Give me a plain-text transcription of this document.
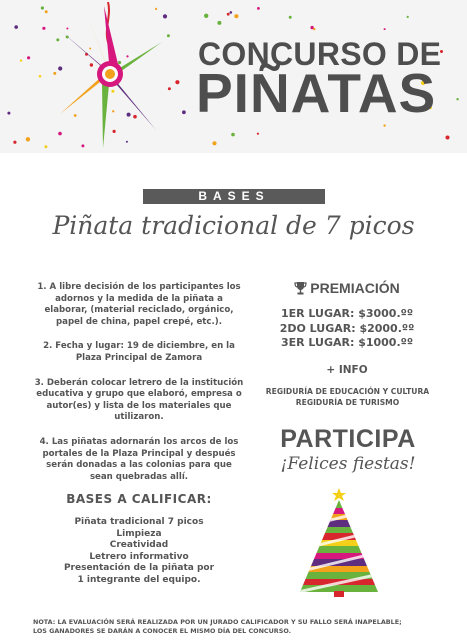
CONCURSO DE
PIÑATAS
BASES
Piñata tradicional de 7 picos

1. A libre decisión de los participantes los adornos y la medida de la piñata a elaborar, (material reciclado, orgánico, papel de china, papel crepé, etc.).

2. Fecha y lugar: 19 de diciembre, en la Plaza Principal de Zamora

3. Deberán colocar letrero de la institución educativa y grupo que elaboró, empresa o autor(es) y lista de los materiales que utilizaron.

4. Las piñatas adornarán los arcos de los portales de la Plaza Principal y después serán donadas a las colonias para que sean quebradas allí.

BASES A CALIFICAR:
Piñata tradicional 7 picos
Limpieza
Creatividad
Letrero informativo
Presentación de la piñata por
1 integrante del equipo.
PREMIACIÓN
1ER LUGAR: $3000.ºº
2DO LUGAR: $2000.ºº
3ER LUGAR: $1000.ºº
+ INFO
REGIDURÍA DE EDUCACIÓN Y CULTURA
REGIDURÍA DE TURISMO
PARTICIPA
¡Felices fiestas!
NOTA: LA EVALUACIÓN SERÁ REALIZADA POR UN JURADO CALIFICADOR Y SU FALLO SERÁ INAPELABLE;
LOS GANADORES SE DARÁN A CONOCER EL MISMO DÍA DEL CONCURSO.
